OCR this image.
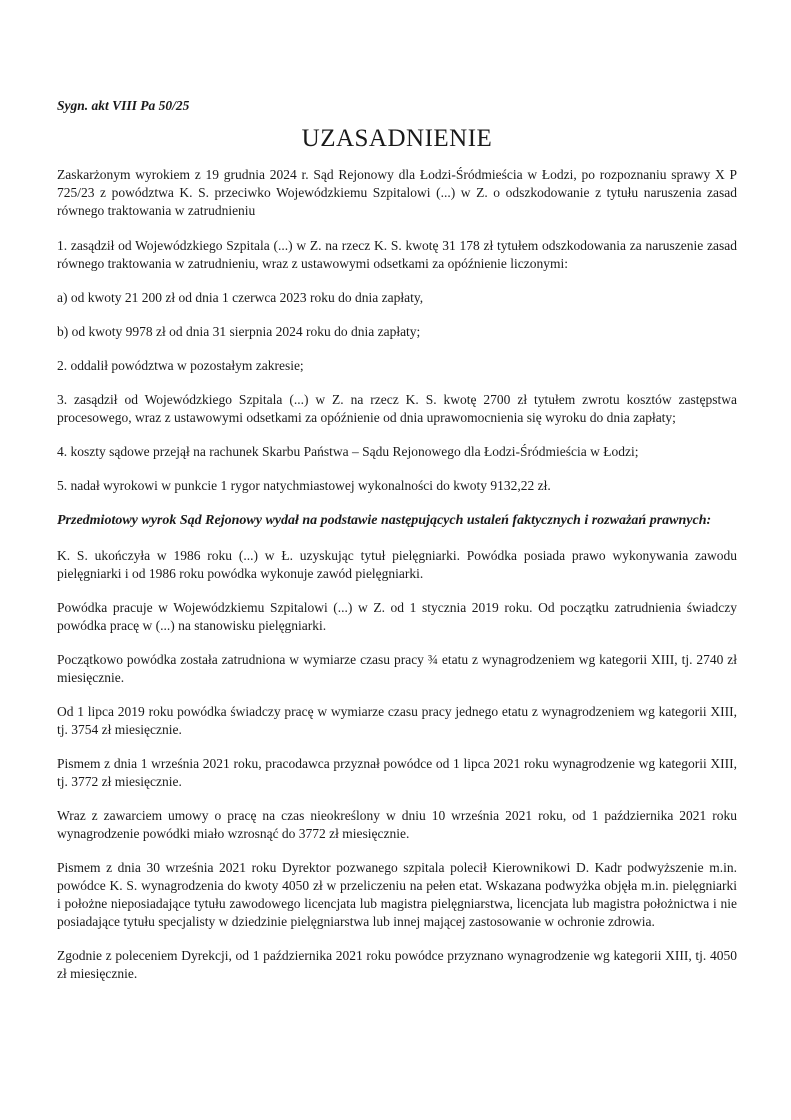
Sygn. akt VIII Pa 50/25
UZASADNIENIE

Zaskarżonym wyrokiem z 19 grudnia 2024 r. Sąd Rejonowy dla Łodzi-Śródmieścia w Łodzi, po rozpoznaniu sprawy X P 725/23 z powództwa K. S. przeciwko Wojewódzkiemu Szpitalowi (...) w Z. o odszkodowanie z tytułu naruszenia zasad równego traktowania w zatrudnieniu

1. zasądził od Wojewódzkiego Szpitala (...) w Z. na rzecz K. S. kwotę 31 178 zł tytułem odszkodowania za naruszenie zasad równego traktowania w zatrudnieniu, wraz z ustawowymi odsetkami za opóźnienie liczonymi:

a) od kwoty 21 200 zł od dnia 1 czerwca 2023 roku do dnia zapłaty,

b) od kwoty 9978 zł od dnia 31 sierpnia 2024 roku do dnia zapłaty;

2. oddalił powództwa w pozostałym zakresie;

3. zasądził od Wojewódzkiego Szpitala (...) w Z. na rzecz K. S. kwotę 2700 zł tytułem zwrotu kosztów zastępstwa procesowego, wraz z ustawowymi odsetkami za opóźnienie od dnia uprawomocnienia się wyroku do dnia zapłaty;

4. koszty sądowe przejął na rachunek Skarbu Państwa – Sądu Rejonowego dla Łodzi-Śródmieścia w Łodzi;

5. nadał wyrokowi w punkcie 1 rygor natychmiastowej wykonalności do kwoty 9132,22 zł.

Przedmiotowy wyrok Sąd Rejonowy wydał na podstawie następujących ustaleń faktycznych i rozważań prawnych:

K. S. ukończyła w 1986 roku (...) w Ł. uzyskując tytuł pielęgniarki. Powódka posiada prawo wykonywania zawodu pielęgniarki i od 1986 roku powódka wykonuje zawód pielęgniarki.

Powódka pracuje w Wojewódzkiemu Szpitalowi (...) w Z. od 1 stycznia 2019 roku. Od początku zatrudnienia świadczy powódka pracę w (...) na stanowisku pielęgniarki.

Początkowo powódka została zatrudniona w wymiarze czasu pracy ¾ etatu z wynagrodzeniem wg kategorii XIII, tj. 2740 zł miesięcznie.

Od 1 lipca 2019 roku powódka świadczy pracę w wymiarze czasu pracy jednego etatu z wynagrodzeniem wg kategorii XIII, tj. 3754 zł miesięcznie.

Pismem z dnia 1 września 2021 roku, pracodawca przyznał powódce od 1 lipca 2021 roku wynagrodzenie wg kategorii XIII, tj. 3772 zł miesięcznie.

Wraz z zawarciem umowy o pracę na czas nieokreślony w dniu 10 września 2021 roku, od 1 października 2021 roku wynagrodzenie powódki miało wzrosnąć do 3772 zł miesięcznie.

Pismem z dnia 30 września 2021 roku Dyrektor pozwanego szpitala polecił Kierownikowi D. Kadr podwyższenie m.in. powódce K. S. wynagrodzenia do kwoty 4050 zł w przeliczeniu na pełen etat. Wskazana podwyżka objęła m.in. pielęgniarki i położne nieposiadające tytułu zawodowego licencjata lub magistra pielęgniarstwa, licencjata lub magistra położnictwa i nie posiadające tytułu specjalisty w dziedzinie pielęgniarstwa lub innej mającej zastosowanie w ochronie zdrowia.

Zgodnie z poleceniem Dyrekcji, od 1 października 2021 roku powódce przyznano wynagrodzenie wg kategorii XIII, tj. 4050 zł miesięcznie.
